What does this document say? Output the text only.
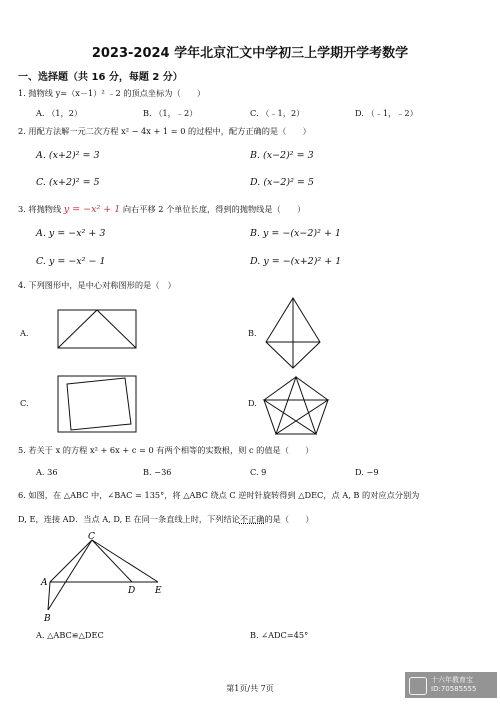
2023-2024 学年北京汇文中学初三上学期开学考数学
一、选择题（共 16 分，每题 2 分）
1. 抛物线 y=（x－1）² ﹣2 的顶点坐标为（　　）
A. （1，2）	B. （1，﹣2）	C. （﹣1，2）	D. （﹣1，﹣2）
2. 用配方法解一元二次方程 x² − 4x + 1 = 0 的过程中，配方正确的是（　　）
A. (x+2)² = 3	B. (x−2)² = 3
C. (x+2)² = 5	D. (x−2)² = 5
3. 将抛物线 y = −x² + 1 向右平移 2 个单位长度，得到的抛物线是（　　）
A. y = −x² + 3	B. y = −(x−2)² + 1
C. y = −x² − 1	D. y = −(x+2)² + 1
4. 下列图形中，是中心对称图形的是（　）
A.	B.
C.	D.
5. 若关于 x 的方程 x² + 6x + c = 0 有两个相等的实数根，则 c 的值是（　　）
A. 36	B. −36	C. 9	D. −9
6. 如图，在 △ABC 中，∠BAC = 135°，将 △ABC 绕点 C 逆时针旋转得到 △DEC，点 A, B 的对应点分别为
D, E，连接 AD．当点 A, D, E 在同一条直线上时，下列结论不正确的是（　　）
C
A
B
D E
A. △ABC≌△DEC	B. ∠ADC=45°
第1页/共 7页
十六年教育宝
ID:70585555
